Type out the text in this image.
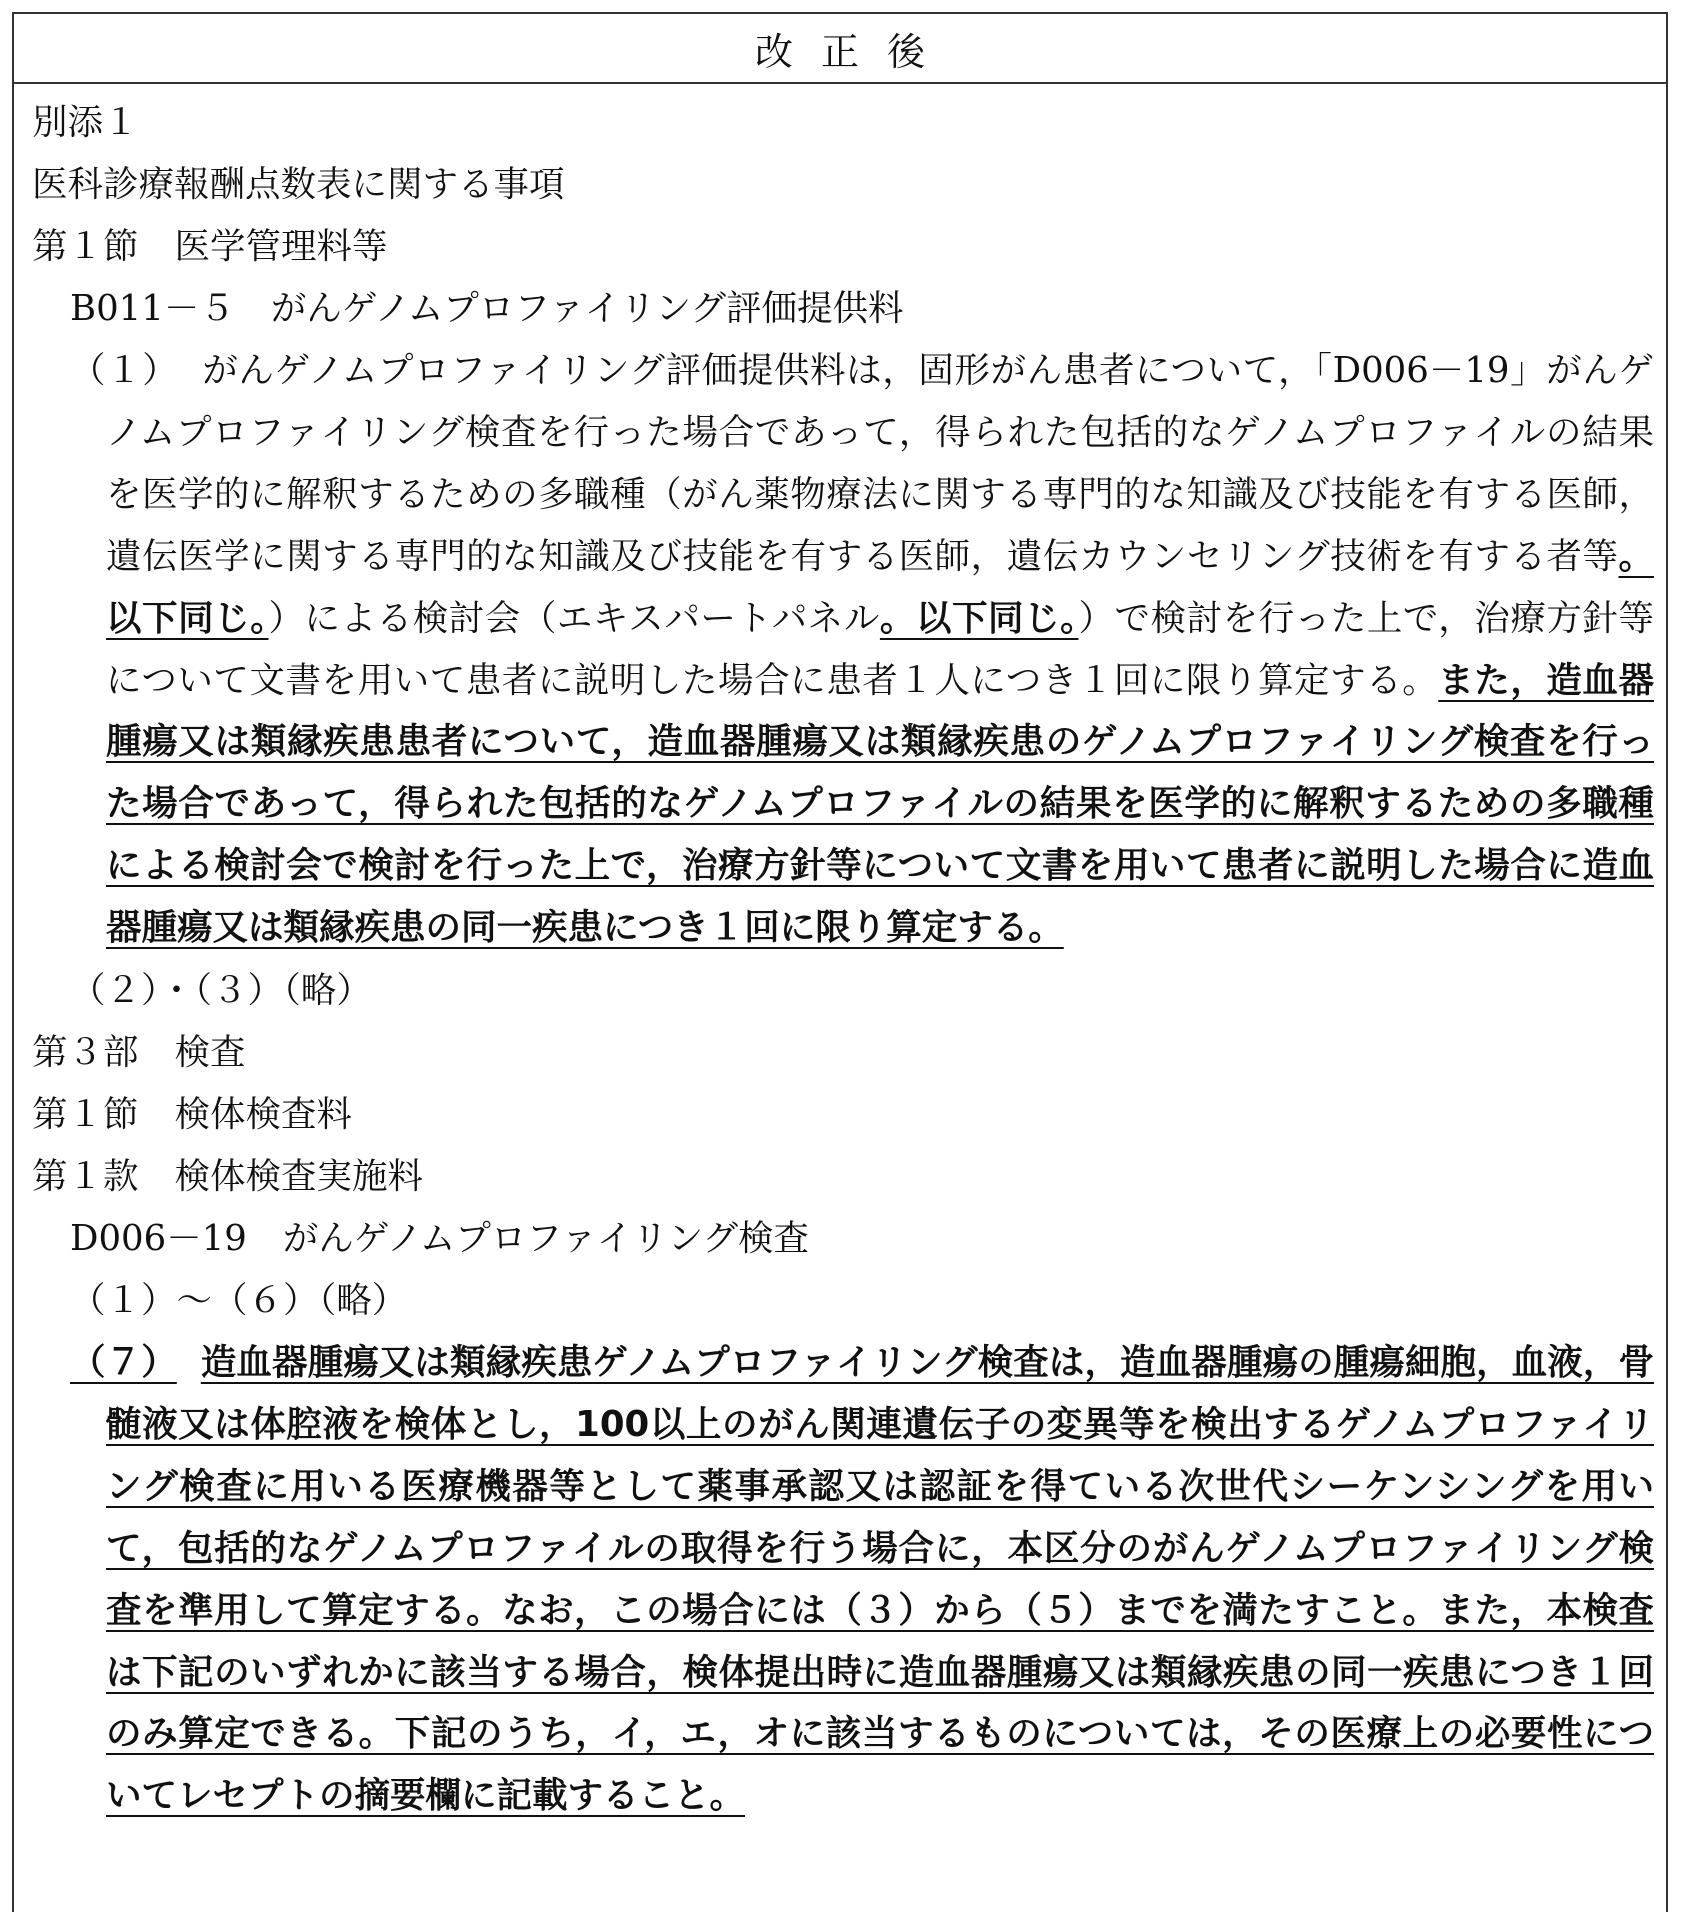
改正後
別添１
医科診療報酬点数表に関する事項
第１節 医学管理料等
B011－５ がんゲノムプロファイリング評価提供料
（１） がんゲノムプロファイリング評価提供料は，固形がん患者について，「D006－19」がんゲノムプロファイリング検査を行った場合であって，得られた包括的なゲノムプロファイルの結果を医学的に解釈するための多職種（がん薬物療法に関する専門的な知識及び技能を有する医師，遺伝医学に関する専門的な知識及び技能を有する医師，遺伝カウンセリング技術を有する者等。以下同じ。）による検討会（エキスパートパネル。以下同じ。）で検討を行った上で，治療方針等について文書を用いて患者に説明した場合に患者１人につき１回に限り算定する。また，造血器腫瘍又は類縁疾患患者について，造血器腫瘍又は類縁疾患のゲノムプロファイリング検査を行った場合であって，得られた包括的なゲノムプロファイルの結果を医学的に解釈するための多職種による検討会で検討を行った上で，治療方針等について文書を用いて患者に説明した場合に造血器腫瘍又は類縁疾患の同一疾患につき１回に限り算定する。
（２）・（３）（略）
第３部 検査
第１節 検体検査料
第１款 検体検査実施料
D006－19 がんゲノムプロファイリング検査
（１）～（６）（略）
（７） 造血器腫瘍又は類縁疾患ゲノムプロファイリング検査は，造血器腫瘍の腫瘍細胞，血液，骨髄液又は体腔液を検体とし，100以上のがん関連遺伝子の変異等を検出するゲノムプロファイリング検査に用いる医療機器等として薬事承認又は認証を得ている次世代シーケンシングを用いて，包括的なゲノムプロファイルの取得を行う場合に，本区分のがんゲノムプロファイリング検査を準用して算定する。なお，この場合には（３）から（５）までを満たすこと。また，本検査は下記のいずれかに該当する場合，検体提出時に造血器腫瘍又は類縁疾患の同一疾患につき１回のみ算定できる。下記のうち，イ，エ，オに該当するものについては，その医療上の必要性についてレセプトの摘要欄に記載すること。
